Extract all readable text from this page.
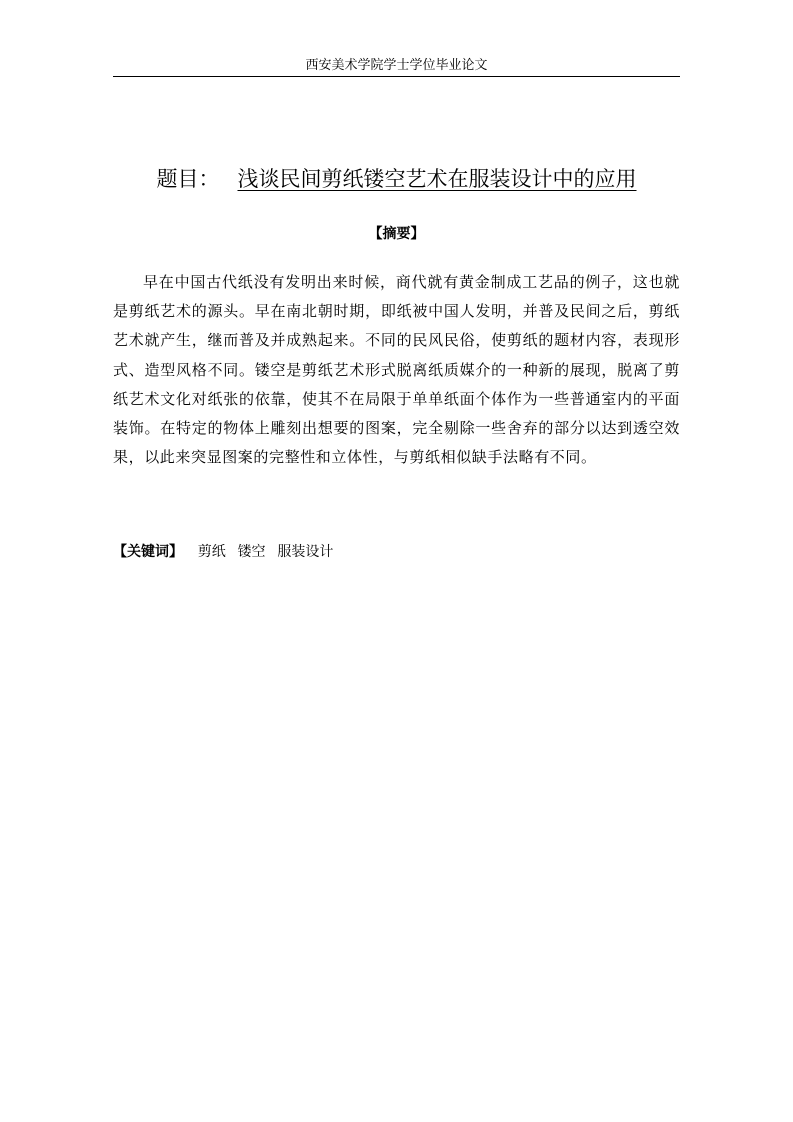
西安美术学院学士学位毕业论文
题目： 浅谈民间剪纸镂空艺术在服装设计中的应用
【摘要】

早在中国古代纸没有发明出来时候，商代就有黄金制成工艺品的例子，这也就是剪纸艺术的源头。早在南北朝时期，即纸被中国人发明，并普及民间之后，剪纸艺术就产生，继而普及并成熟起来。不同的民风民俗，使剪纸的题材内容，表现形式、造型风格不同。镂空是剪纸艺术形式脱离纸质媒介的一种新的展现，脱离了剪纸艺术文化对纸张的依靠，使其不在局限于单单纸面个体作为一些普通室内的平面装饰。在特定的物体上雕刻出想要的图案，完全剔除一些舍弃的部分以达到透空效果，以此来突显图案的完整性和立体性，与剪纸相似缺手法略有不同。

【关键词】 剪纸 镂空 服装设计
